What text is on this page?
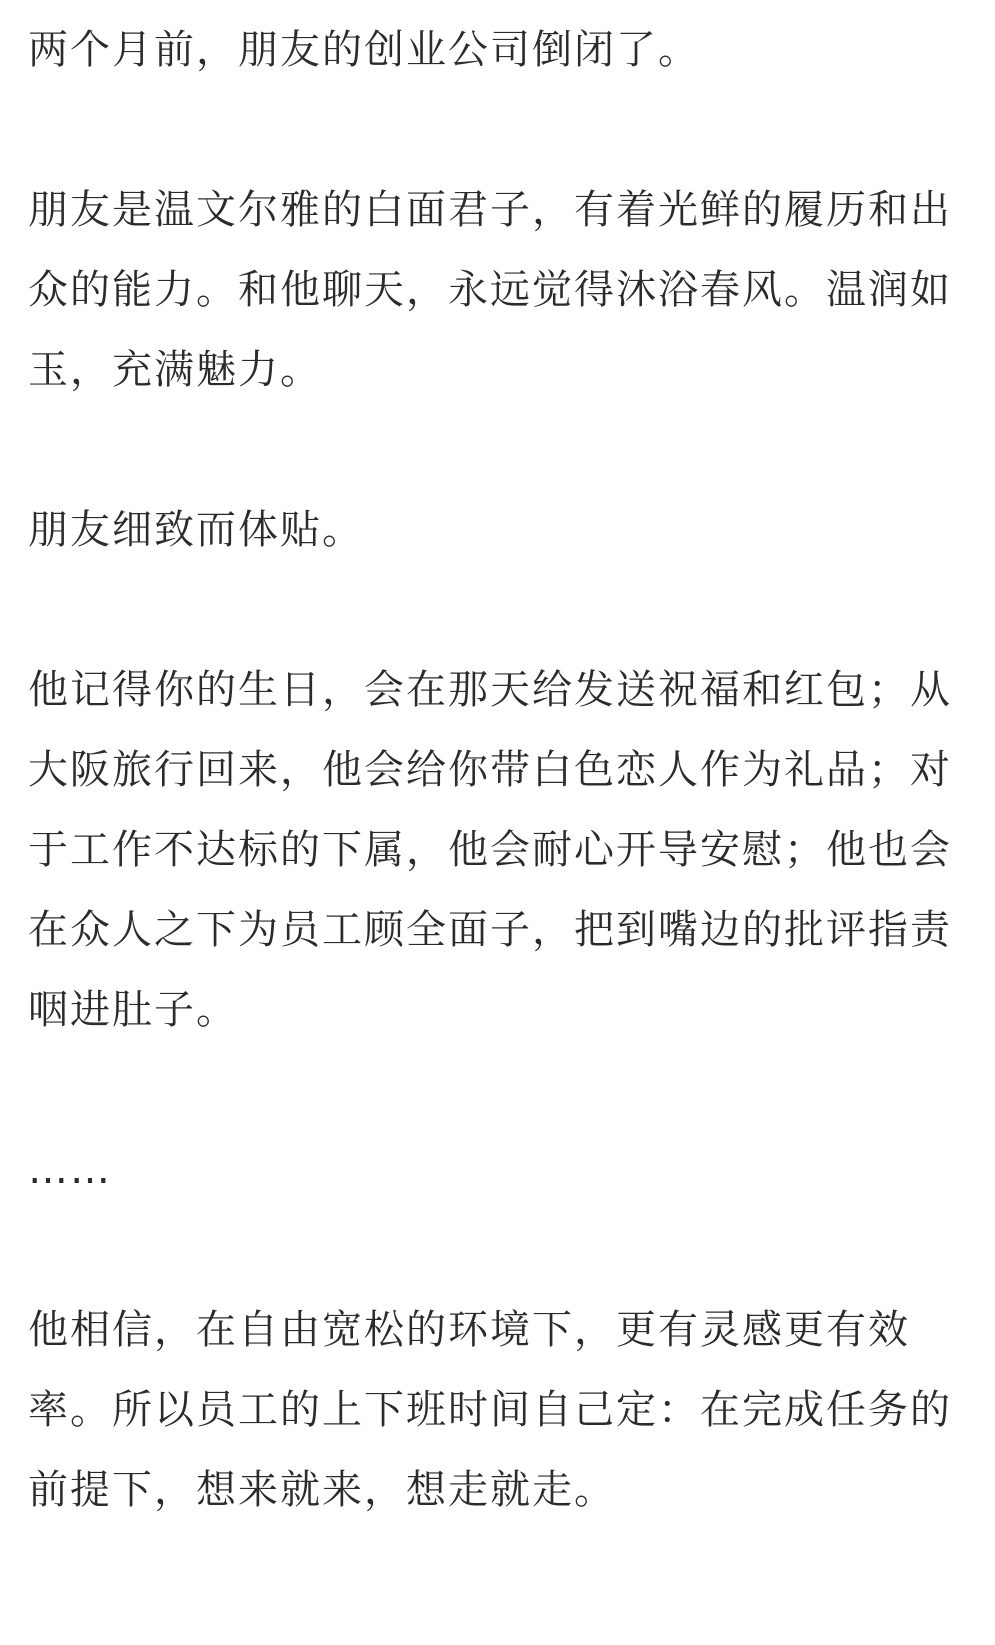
两个月前，朋友的创业公司倒闭了。

朋友是温文尔雅的白面君子，有着光鲜的履历和出众的能力。和他聊天，永远觉得沐浴春风。温润如玉，充满魅力。

朋友细致而体贴。

他记得你的生日，会在那天给发送祝福和红包；从大阪旅行回来，他会给你带白色恋人作为礼品；对于工作不达标的下属，他会耐心开导安慰；他也会在众人之下为员工顾全面子，把到嘴边的批评指责咽进肚子。

……

他相信，在自由宽松的环境下，更有灵感更有效率。所以员工的上下班时间自己定：在完成任务的前提下，想来就来，想走就走。
